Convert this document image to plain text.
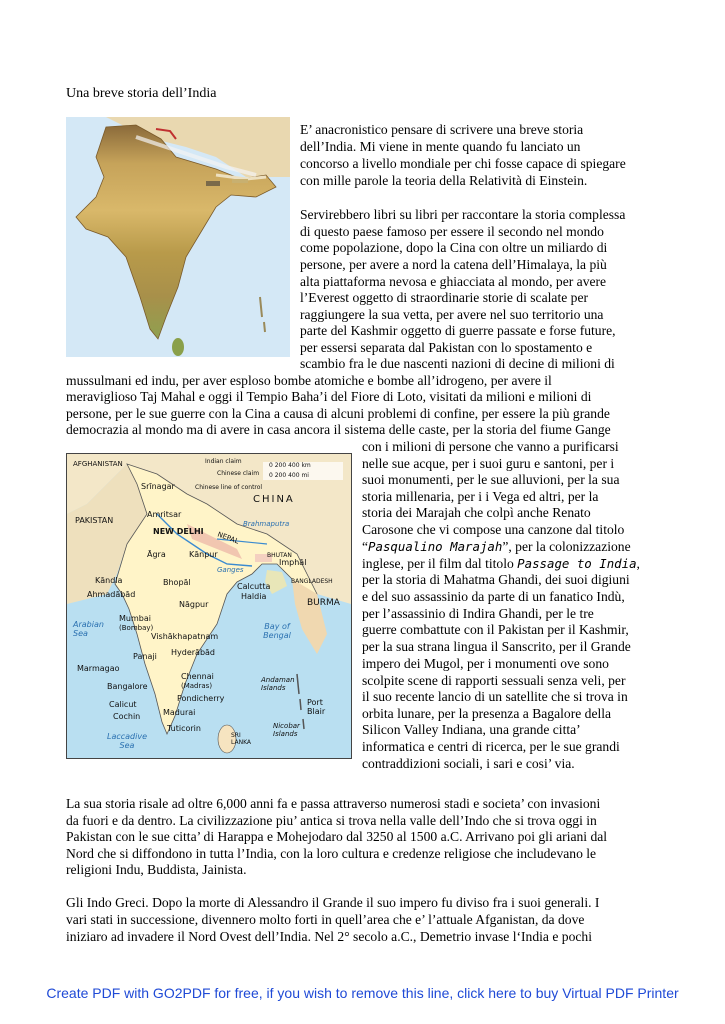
Una breve storia dell’India
E’ anacronistico pensare di scrivere una breve storia
dell’India. Mi viene in mente quando fu lanciato un
concorso a livello mondiale per chi fosse capace di spiegare
con mille parole la teoria della Relatività di Einstein.
Servirebbero libri su libri per raccontare la storia complessa
di questo paese famoso per essere il secondo nel mondo
come popolazione, dopo la Cina con oltre un miliardo di
persone, per avere a nord la catena dell’Himalaya, la più
alta piattaforma nevosa e ghiacciata al mondo, per avere
l’Everest oggetto di straordinarie storie di scalate per
raggiungere la sua vetta, per avere nel suo territorio una
parte del Kashmir oggetto di guerre passate e forse future,
per essersi separata dal Pakistan con lo spostamento e
scambio fra le due nascenti nazioni di decine di milioni di
mussulmani ed indu, per aver esploso bombe atomiche e bombe all’idrogeno, per avere il
meraviglioso Taj Mahal e oggi il Tempio Baha’i del Fiore di Loto, visitati da milioni e milioni di
persone, per le sue guerre con la Cina a causa di alcuni problemi di confine, per essere la più grande
democrazia al mondo ma di avere in casa ancora il sistema delle caste, per la storia del fiume Gange
con i milioni di persone che vanno a purificarsi
nelle sue acque, per i suoi guru e santoni, per i
suoi monumenti, per le sue alluvioni, per la sua
storia millenaria, per i i Vega ed altri, per la
storia dei Marajah che colpì anche Renato
Carosone che vi compose una canzone dal titolo
“Pasqualino Marajah”, per la colonizzazione
inglese, per il film dal titolo Passage to India,
per la storia di Mahatma Ghandi, dei suoi digiuni
e del suo assassinio da parte di un fanatico Indù,
per l’assassinio di Indira Ghandi, per le tre
guerre combattute con il Pakistan per il Kashmir,
per la sua strana lingua il Sanscrito, per il Grande
impero dei Mugol, per i monumenti ove sono
scolpite scene di rapporti sessuali senza veli, per
il suo recente lancio di un satellite che si trova in
orbita lunare, per la presenza a Bagalore della
Silicon Valley Indiana, una grande citta’
informatica e centri di ricerca, per le sue grandi
contraddizioni sociali, i sari e cosi’ via.
AFGHANISTAN	Indian claim
Chinese claim
Chinese line of control
0 200 400 km
0 200 400 mi
Srīnagar
CHINA
PAKISTAN
Amritsar
NEPAL
NEW DELHI
Brahmaputra
BHUTAN
Āgra	Kānpur
Imphāl
Ganges
BANGLADESH
Kāndla	Bhopāl	Calcutta
Haldia
Ahmadābād
Nāgpur	BURMA
Arabian Sea
Mumbai
(Bombay)
Vishākhapatnam
Bay of Bengal
Panaji Hyderābād
Marmagao
Chennai
(Madras)
Bangalore
Andaman Islands
Pondicherry
Calicut	Port Blair
Cochin	Madurai
Laccadive Sea
Tuticorin
SRI LANKA
Nicobar Islands
La sua storia risale ad oltre 6,000 anni fa e passa attraverso numerosi stadi e societa’ con invasioni
da fuori e da dentro. La civilizzazione piu’ antica si trova nella valle dell’Indo che si trova oggi in
Pakistan con le sue citta’ di Harappa e Mohejodaro dal 3250 al 1500 a.C. Arrivano poi gli ariani dal
Nord che si diffondono in tutta l’India, con la loro cultura e credenze religiose che includevano le
religioni Indu, Buddista, Jainista.
Gli Indo Greci. Dopo la morte di Alessandro il Grande il suo impero fu diviso fra i suoi generali. I
vari stati in successione, divennero molto forti in quell’area che e’ l’attuale Afganistan, da dove
iniziaro ad invadere il Nord Ovest dell’India. Nel 2° secolo a.C., Demetrio invase l‘India e pochi
Create PDF with GO2PDF for free, if you wish to remove this line, click here to buy Virtual PDF Printer
